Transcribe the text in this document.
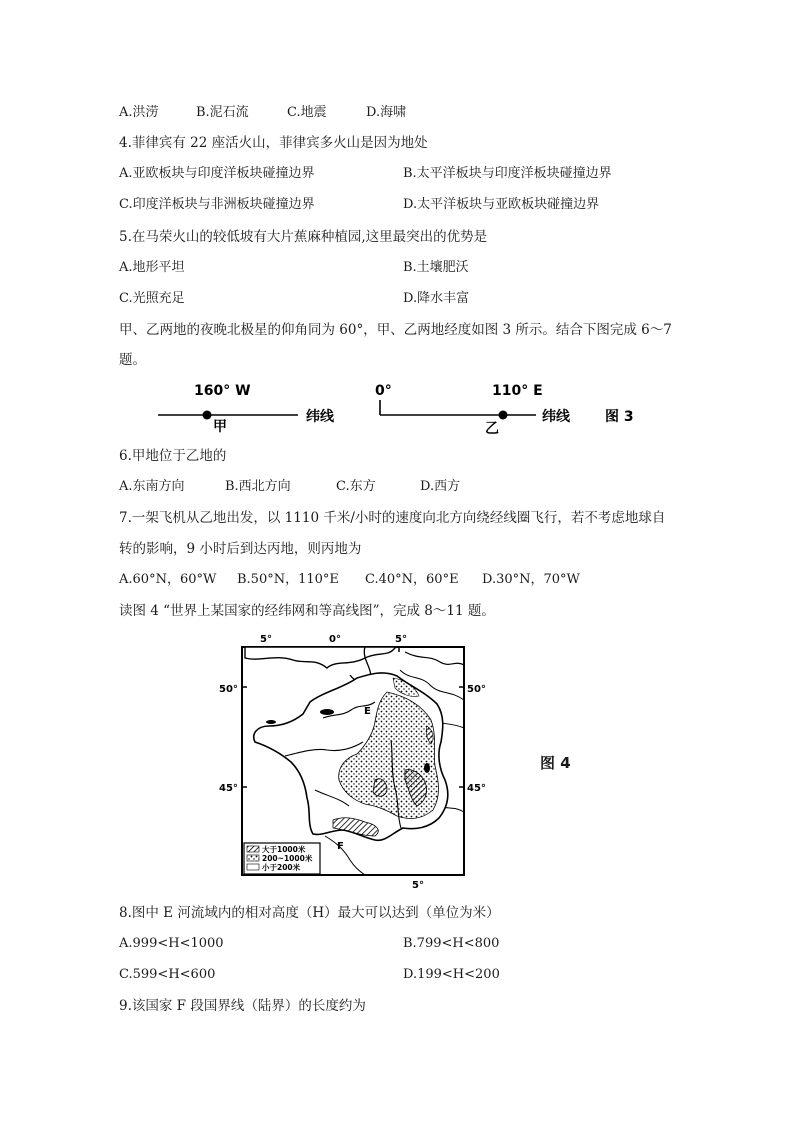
A.洪涝	B.泥石流	C.地震	D.海啸
4.菲律宾有 22 座活火山，菲律宾多火山是因为地处
A.亚欧板块与印度洋板块碰撞边界	B.太平洋板块与印度洋板块碰撞边界
C.印度洋板块与非洲板块碰撞边界	D.太平洋板块与亚欧板块碰撞边界
5.在马荣火山的较低坡有大片蕉麻种植园,这里最突出的优势是
A.地形平坦	B.土壤肥沃
C.光照充足	D.降水丰富
甲、乙两地的夜晚北极星的仰角同为 60°，甲、乙两地经度如图 3 所示。结合下图完成 6～7
题。
160° W
甲
纬线
0°	110° E
乙
纬线	图 3
6.甲地位于乙地的
A.东南方向	B.西北方向	C.东方	D.西方
7.一架飞机从乙地出发，以 1110 千米/小时的速度向北方向绕经线圈飞行，若不考虑地球自
转的影响，9 小时后到达丙地，则丙地为
A.60°N，60°W B.50°N，110°E C.40°N，60°E D.30°N，70°W
读图 4 “世界上某国家的经纬网和等高线图”，完成 8～11 题。
5°	0°	5°
50°	50°
45°	45°
5°
E
F
大于1000米
200~1000米
小于200米
图 4
8.图中 E 河流域内的相对高度（H）最大可以达到（单位为米）
A.999<H<1000	B.799<H<800
C.599<H<600	D.199<H<200
9.该国家 F 段国界线（陆界）的长度约为
